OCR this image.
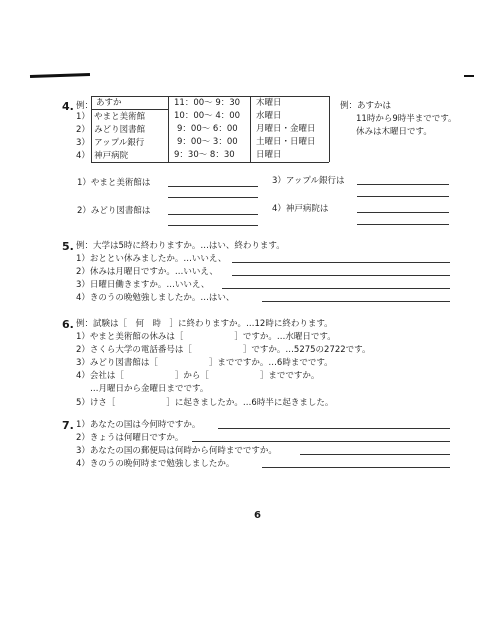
4. 例： あすか
1）　やまと美術館
2）　みどり図書館
3）　アップル銀行
4）　神戸病院
11：00～ 9：30
10：00～ 4：00
9：00～ 6：00
9：00～ 3：00
9：30～ 8：30
木曜日
水曜日
月曜日・金曜日
土曜日・日曜日
日曜日
例：あすかは
11時から9時半までです。
休みは木曜日です。
1）やまと美術館は	3）アップル銀行は
2）みどり図書館は	4）神戸病院は
5. 例：大学は5時に終わりますか。…はい、終わります。
1）おととい休みましたか。…いいえ、
2）休みは月曜日ですか。…いいえ、
3）日曜日働きますか。…いいえ、
4）きのうの晩勉強しましたか。…はい、
6. 例：試験は［　何　時　］に終わりますか。…12時に終わります。
1）やまと美術館の休みは［　　　　　　］ですか。…水曜日です。
2）さくら大学の電話番号は［　　　　　　］ですか。…5275の2722です。
3）みどり図書館は［　　　　　　］までですか。…6時までです。
4）会社は［　　　　　　］から［　　　　　　］までですか。
…月曜日から金曜日までです。
5）けさ［　　　　　　］に起きましたか。…6時半に起きました。
7. 1）あなたの国は今何時ですか。
2）きょうは何曜日ですか。
3）あなたの国の郵便局は何時から何時までですか。
4）きのうの晩何時まで勉強しましたか。
6
